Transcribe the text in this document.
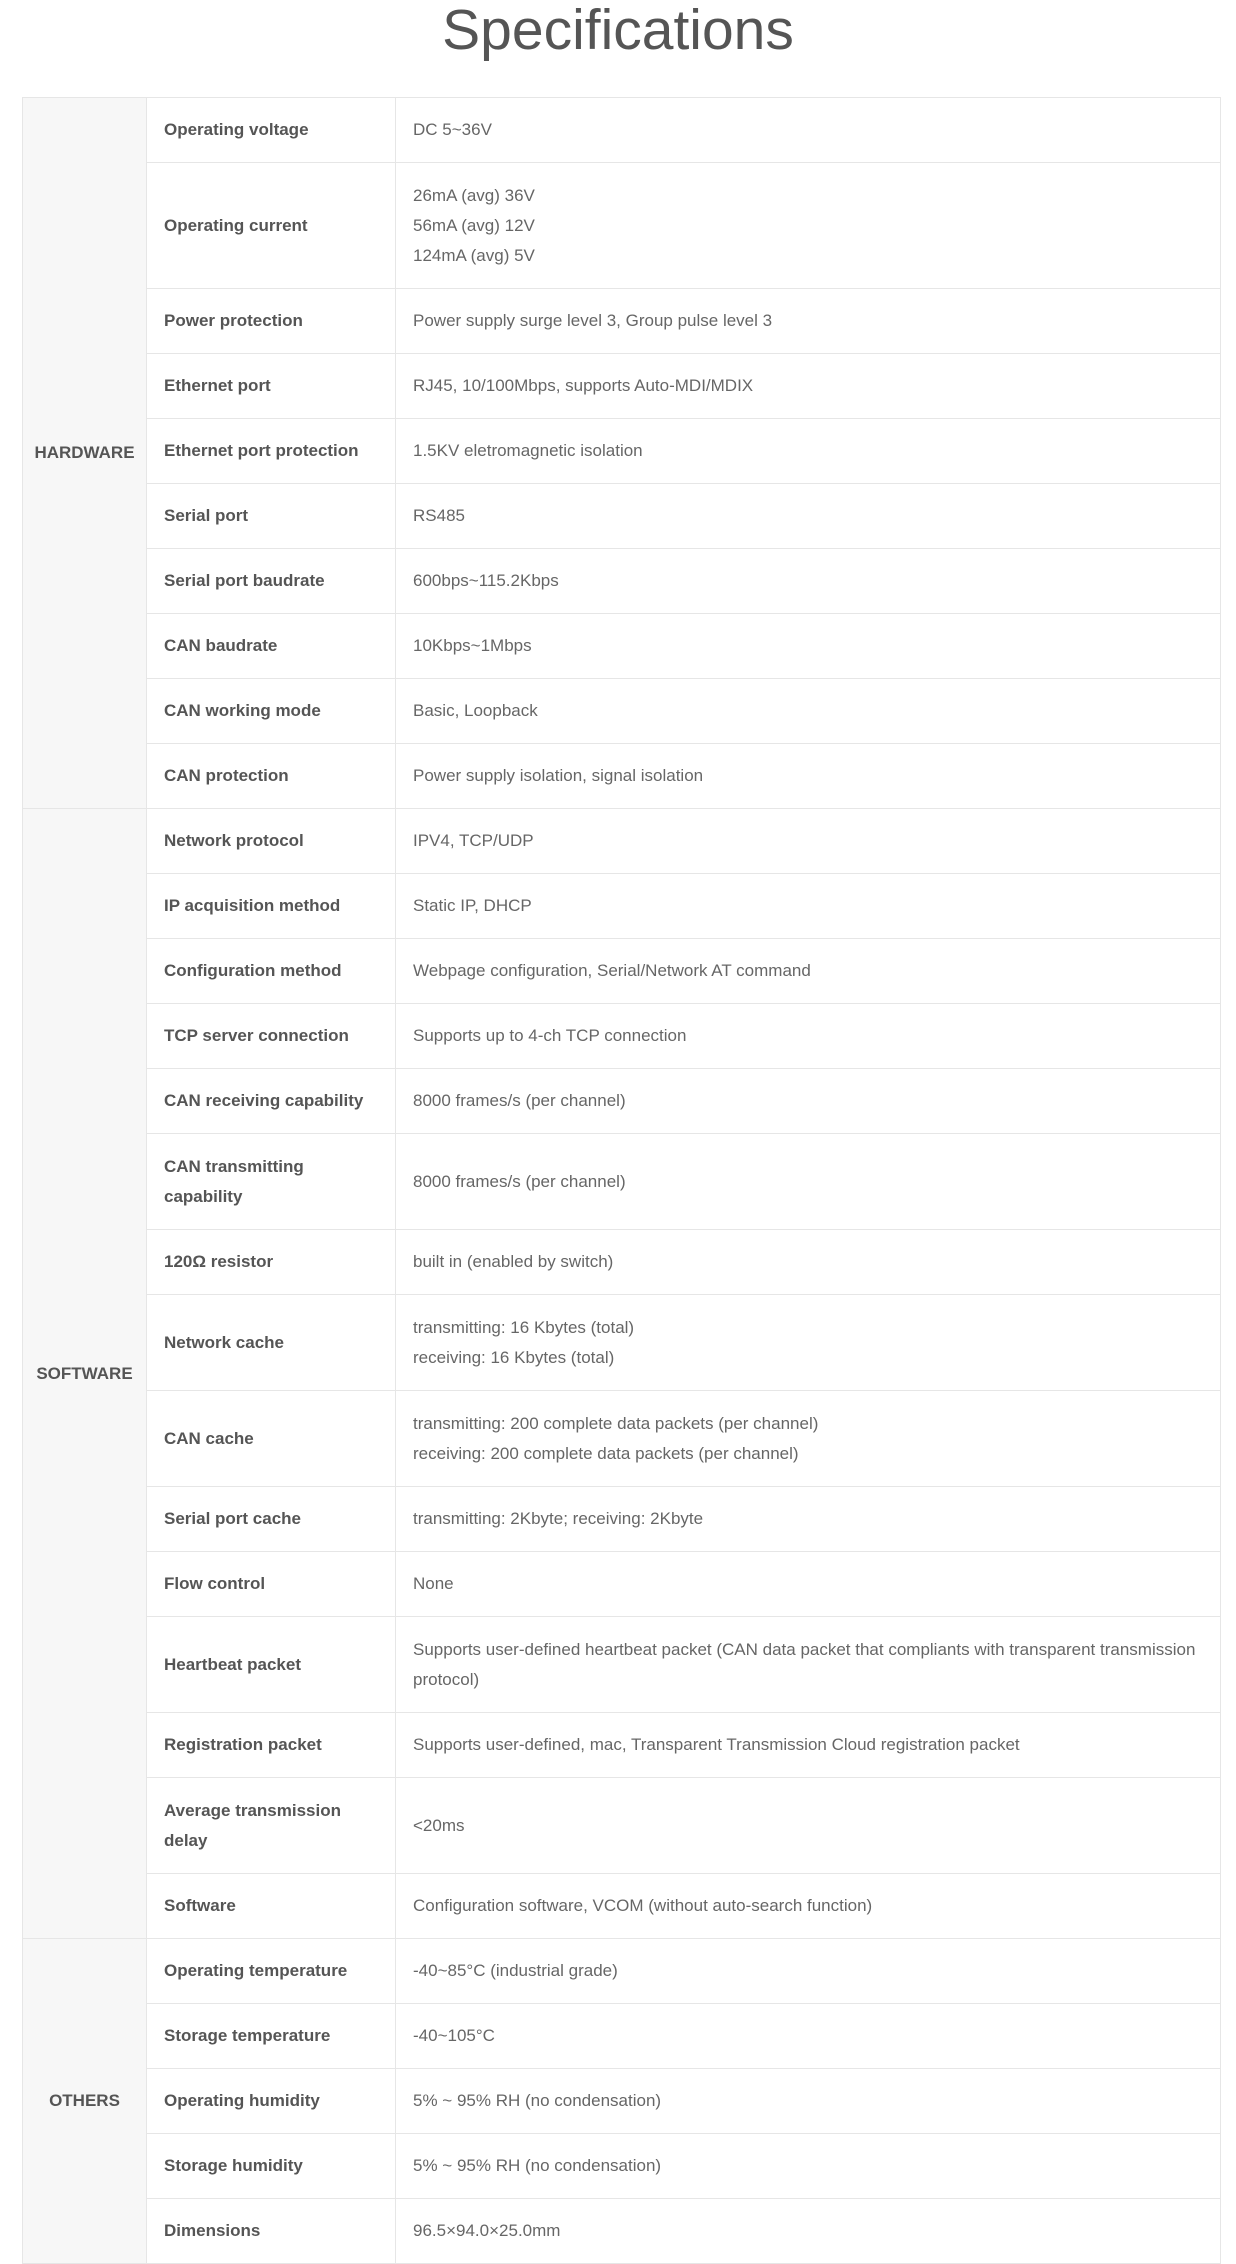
Specifications
HARDWARE	Operating voltage	DC 5~36V

	Operating current	26mA (avg) 36V
56mA (avg) 12V
124mA (avg) 5V

	Power protection	Power supply surge level 3, Group pulse level 3

	Ethernet port	RJ45, 10/100Mbps, supports Auto-MDI/MDIX

	Ethernet port protection	1.5KV eletromagnetic isolation

	Serial port	RS485

	Serial port baudrate	600bps~115.2Kbps

	CAN baudrate	10Kbps~1Mbps

	CAN working mode	Basic, Loopback

	CAN protection	Power supply isolation, signal isolation

SOFTWARE	Network protocol	IPV4, TCP/UDP

	IP acquisition method	Static IP, DHCP

	Configuration method	Webpage configuration, Serial/Network AT command

	TCP server connection	Supports up to 4-ch TCP connection

	CAN receiving capability	8000 frames/s (per channel)

	CAN transmitting capability	8000 frames/s (per channel)

	120Ω resistor	built in (enabled by switch)

	Network cache	transmitting: 16 Kbytes (total)
receiving: 16 Kbytes (total)

	CAN cache	transmitting: 200 complete data packets (per channel)
receiving: 200 complete data packets (per channel)

	Serial port cache	transmitting: 2Kbyte; receiving: 2Kbyte

	Flow control	None

	Heartbeat packet	Supports user-defined heartbeat packet (CAN data packet that compliants with transparent transmission protocol)

	Registration packet	Supports user-defined, mac, Transparent Transmission Cloud registration packet

	Average transmission delay	<20ms

	Software	Configuration software, VCOM (without auto-search function)

OTHERS	Operating temperature	-40~85°C (industrial grade)

	Storage temperature	-40~105°C

	Operating humidity	5% ~ 95% RH (no condensation)

	Storage humidity	5% ~ 95% RH (no condensation)

	Dimensions	96.5×94.0×25.0mm
